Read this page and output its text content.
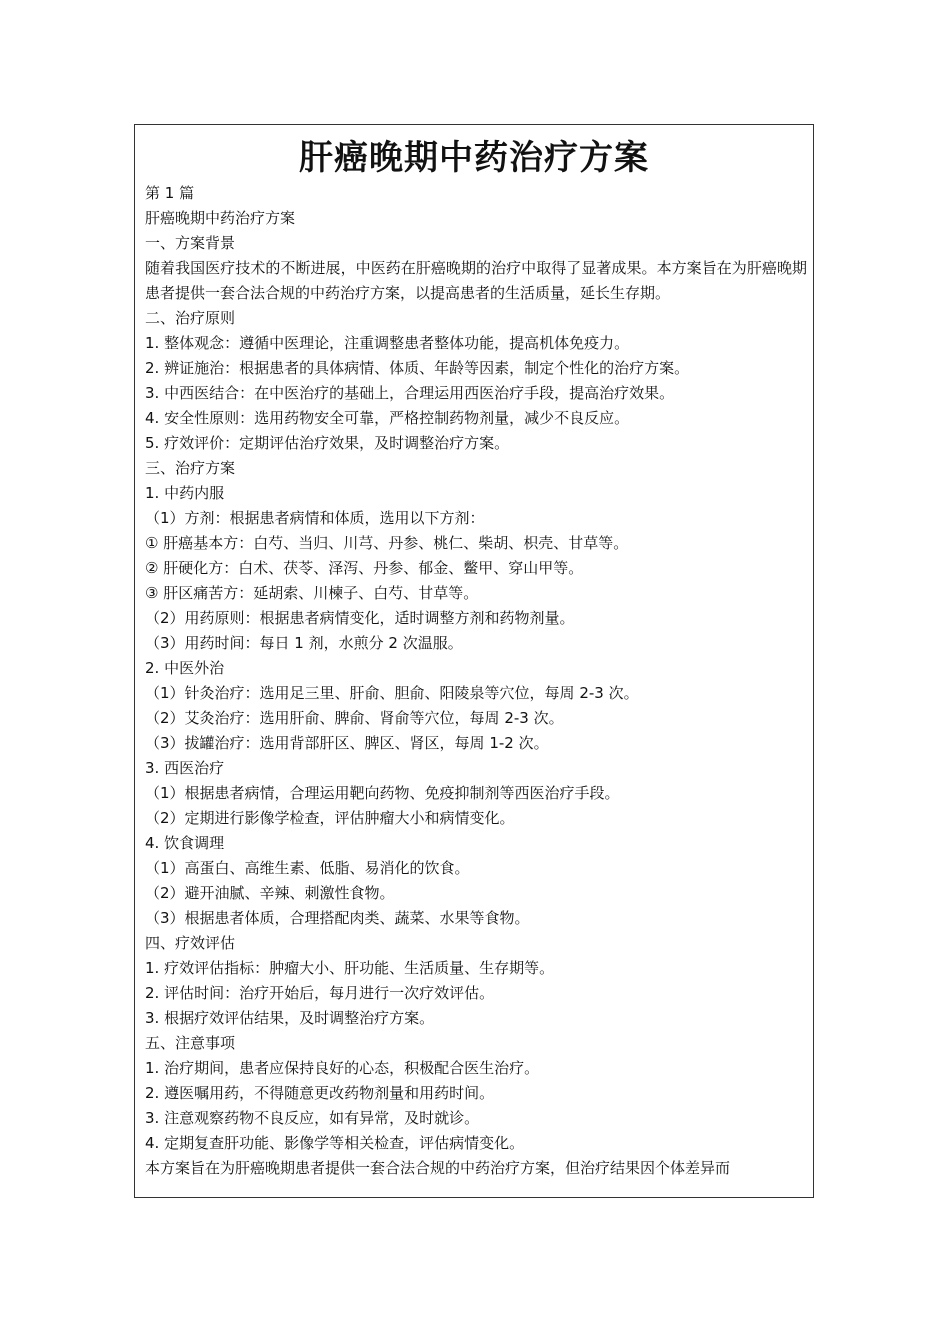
肝癌晚期中药治疗方案
第 1 篇
肝癌晚期中药治疗方案
一、方案背景
随着我国医疗技术的不断进展，中医药在肝癌晚期的治疗中取得了显著成果。本方案旨在为肝癌晚期患者提供一套合法合规的中药治疗方案，以提高患者的生活质量，延长生存期。
二、治疗原则
1. 整体观念：遵循中医理论，注重调整患者整体功能，提高机体免疫力。
2. 辨证施治：根据患者的具体病情、体质、年龄等因素，制定个性化的治疗方案。
3. 中西医结合：在中医治疗的基础上，合理运用西医治疗手段，提高治疗效果。
4. 安全性原则：选用药物安全可靠，严格控制药物剂量，减少不良反应。
5. 疗效评价：定期评估治疗效果，及时调整治疗方案。
三、治疗方案
1. 中药内服
（1）方剂：根据患者病情和体质，选用以下方剂：
① 肝癌基本方：白芍、当归、川芎、丹参、桃仁、柴胡、枳壳、甘草等。
② 肝硬化方：白术、茯苓、泽泻、丹参、郁金、鳖甲、穿山甲等。
③ 肝区痛苦方：延胡索、川楝子、白芍、甘草等。
（2）用药原则：根据患者病情变化，适时调整方剂和药物剂量。
（3）用药时间：每日 1 剂，水煎分 2 次温服。
2. 中医外治
（1）针灸治疗：选用足三里、肝俞、胆俞、阳陵泉等穴位，每周 2-3 次。
（2）艾灸治疗：选用肝俞、脾俞、肾俞等穴位，每周 2-3 次。
（3）拔罐治疗：选用背部肝区、脾区、肾区，每周 1-2 次。
3. 西医治疗
（1）根据患者病情，合理运用靶向药物、免疫抑制剂等西医治疗手段。
（2）定期进行影像学检查，评估肿瘤大小和病情变化。
4. 饮食调理
（1）高蛋白、高维生素、低脂、易消化的饮食。
（2）避开油腻、辛辣、刺激性食物。
（3）根据患者体质，合理搭配肉类、蔬菜、水果等食物。
四、疗效评估
1. 疗效评估指标：肿瘤大小、肝功能、生活质量、生存期等。
2. 评估时间：治疗开始后，每月进行一次疗效评估。
3. 根据疗效评估结果，及时调整治疗方案。
五、注意事项
1. 治疗期间，患者应保持良好的心态，积极配合医生治疗。
2. 遵医嘱用药，不得随意更改药物剂量和用药时间。
3. 注意观察药物不良反应，如有异常，及时就诊。
4. 定期复查肝功能、影像学等相关检查，评估病情变化。
本方案旨在为肝癌晚期患者提供一套合法合规的中药治疗方案，但治疗结果因个体差异而
